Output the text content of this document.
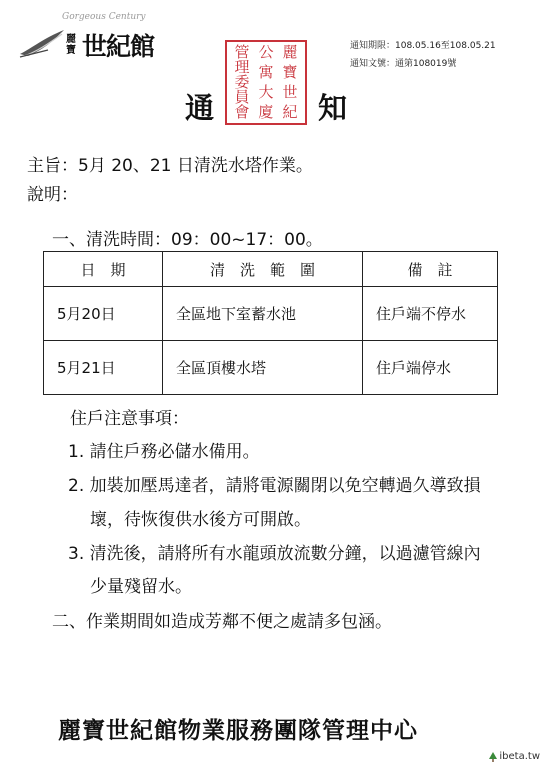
Gorgeous Century
麗寶 世紀館	麗
寶
世
紀
公
寓
大
廈
管
理
委
員
會
通知期限：108.05.16至108.05.21
通知文號：通第108019號
通	知
主旨：5月 20、21 日清洗水塔作業。
說明：
一、清洗時間：09：00~17：00。
日　期	清　洗　範　圍	備　註
5月20日	全區地下室蓄水池	住戶端不停水
5月21日	全區頂樓水塔	住戶端停水
住戶注意事項：
1. 請住戶務必儲水備用。
2. 加裝加壓馬達者，請將電源關閉以免空轉過久導致損
壞，待恢復供水後方可開啟。
3. 清洗後，請將所有水龍頭放流數分鐘，以過濾管線內
少量殘留水。
二、作業期間如造成芳鄰不便之處請多包涵。
麗寶世紀館物業服務團隊管理中心
ibeta.tw
